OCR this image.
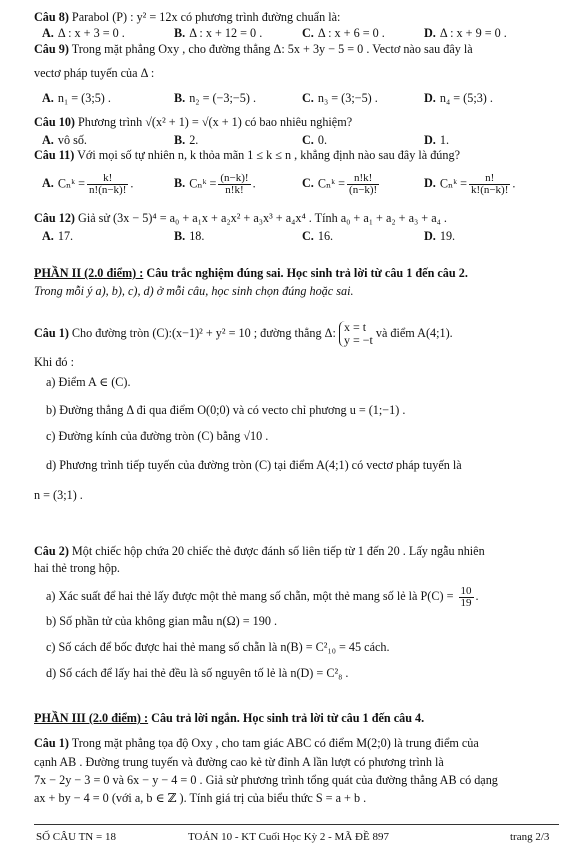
Câu 8) Parabol (P) : y² = 12x có phương trình đường chuẩn là:
A. Δ : x + 3 = 0 .	B. Δ : x + 12 = 0 .	C. Δ : x + 6 = 0 .	D. Δ : x + 9 = 0 .
Câu 9) Trong mặt phẳng Oxy , cho đường thẳng Δ: 5x + 3y − 5 = 0 . Vectơ nào sau đây là
vectơ pháp tuyến của Δ :
A. n₁ = (3;5) .	B. n₂ = (−3;−5) .	C. n₃ = (3;−5) .	D. n₄ = (5;3) .
Câu 10) Phương trình √(x² + 1) = √(x + 1) có bao nhiêu nghiệm?
A. vô số.	B. 2.	C. 0.	D. 1.
Câu 11) Với mọi số tự nhiên n, k thỏa mãn 1 ≤ k ≤ n , khẳng định nào sau đây là đúng?
A. Cₙᵏ = $\frac{k!}{n!(n-k)!}$ .	B. Cₙᵏ = $\frac{(n-k)!}{n!k!}$ .	C. Cₙᵏ = $\frac{n!k!}{(n-k)!}$	D. Cₙᵏ = $\frac{n!}{k!(n-k)!}$ .
Câu 12) Giả sử (3x − 5)⁴ = a₀ + a₁x + a₂x² + a₃x³ + a₄x⁴ . Tính a₀ + a₁ + a₂ + a₃ + a₄ .
A. 17.	B. 18.	C. 16.	D. 19.
PHẦN II (2.0 điểm) : Câu trắc nghiệm đúng sai. Học sinh trả lời từ câu 1 đến câu 2.
Trong mỗi ý a), b), c), d) ở mỗi câu, học sinh chọn đúng hoặc sai.
Câu 1) Cho đường tròn (C):(x−1)² + y² = 10 ; đường thẳng Δ: x = t
y = −t
và điểm A(4;1).
Khi đó :
a) Điểm A ∈ (C).
b) Đường thẳng Δ đi qua điểm O(0;0) và có vecto chỉ phương u = (1;−1) .
c) Đường kính của đường tròn (C) bằng √10 .
d) Phương trình tiếp tuyến của đường tròn (C) tại điểm A(4;1) có vectơ pháp tuyến là
n = (3;1) .
Câu 2) Một chiếc hộp chứa 20 chiếc thẻ được đánh số liên tiếp từ 1 đến 20 . Lấy ngẫu nhiên
hai thẻ trong hộp.
a) Xác suất để hai thẻ lấy được một thẻ mang số chẵn, một thẻ mang số lẻ là $P(C) = \frac{10}{19}$ .
b) Số phần tử của không gian mẫu n(Ω) = 190 .
c) Số cách để bốc được hai thẻ mang số chẵn là n(B) = C²₁₀ = 45 cách.
d) Số cách để lấy hai thẻ đều là số nguyên tố lẻ là n(D) = C²₈ .
PHẦN III (2.0 điểm) : Câu trả lời ngắn. Học sinh trả lời từ câu 1 đến câu 4.
Câu 1) Trong mặt phẳng tọa độ Oxy , cho tam giác ABC có điểm M(2;0) là trung điểm của
cạnh AB . Đường trung tuyến và đường cao kẻ từ đỉnh A lần lượt có phương trình là
7x − 2y − 3 = 0 và 6x − y − 4 = 0 . Giả sử phương trình tổng quát của đường thẳng AB có dạng
ax + by − 4 = 0 (với a, b ∈ ℤ ). Tính giá trị của biểu thức S = a + b .
SỐ CÂU TN = 18	TOÁN 10 - KT Cuối Học Kỳ 2 - MÃ ĐỀ 897	trang 2/3
